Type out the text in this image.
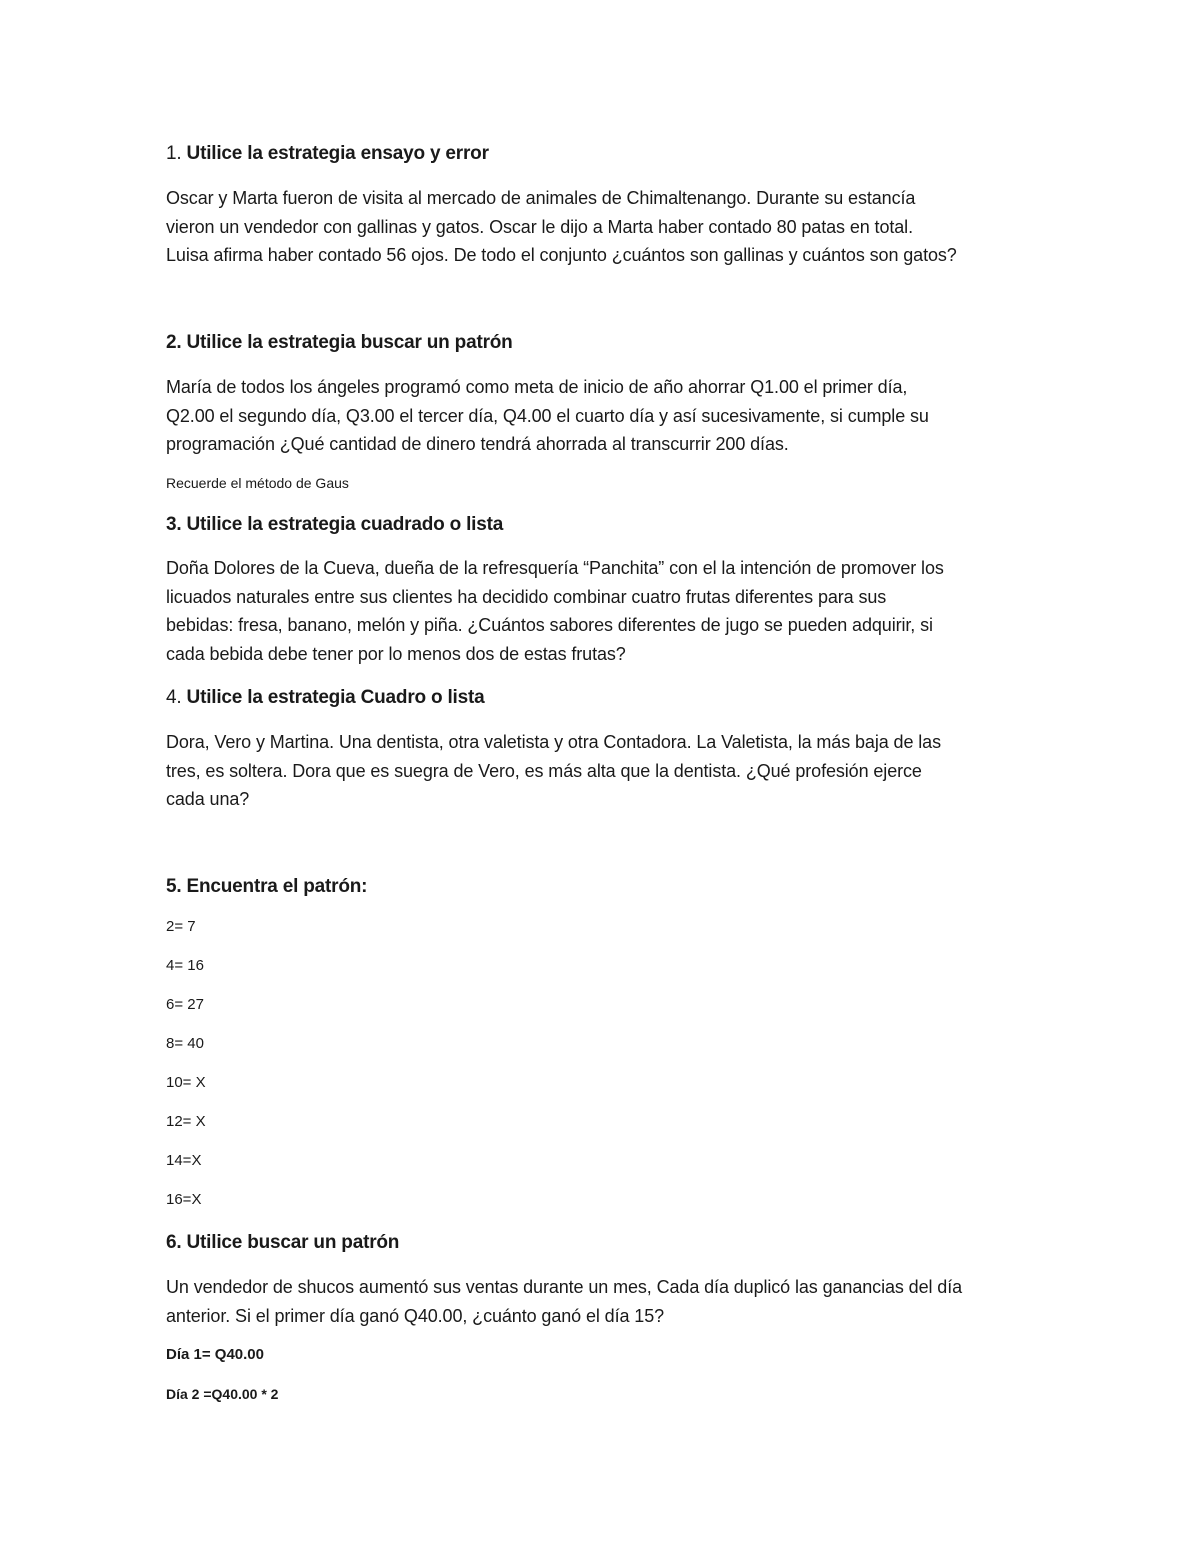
1. Utilice la estrategia ensayo y error

Oscar y Marta fueron de visita al mercado de animales de Chimaltenango. Durante su estancía
vieron un vendedor con gallinas y gatos. Oscar le dijo a Marta haber contado 80 patas en total.
Luisa afirma haber contado 56 ojos. De todo el conjunto ¿cuántos son gallinas y cuántos son gatos?

2. Utilice la estrategia buscar un patrón

María de todos los ángeles programó como meta de inicio de año ahorrar Q1.00 el primer día,
Q2.00 el segundo día, Q3.00 el tercer día, Q4.00 el cuarto día y así sucesivamente, si cumple su
programación ¿Qué cantidad de dinero tendrá ahorrada al transcurrir 200 días.

Recuerde el método de Gaus

3. Utilice la estrategia cuadrado o lista

Doña Dolores de la Cueva, dueña de la refresquería “Panchita” con el la intención de promover los
licuados naturales entre sus clientes ha decidido combinar cuatro frutas diferentes para sus
bebidas: fresa, banano, melón y piña. ¿Cuántos sabores diferentes de jugo se pueden adquirir, si
cada bebida debe tener por lo menos dos de estas frutas?

4. Utilice la estrategia Cuadro o lista

Dora, Vero y Martina. Una dentista, otra valetista y otra Contadora. La Valetista, la más baja de las
tres, es soltera. Dora que es suegra de Vero, es más alta que la dentista. ¿Qué profesión ejerce
cada una?

5. Encuentra el patrón:

2= 7

4= 16

6= 27

8= 40

10= X

12= X

14=X

16=X

6. Utilice buscar un patrón

Un vendedor de shucos aumentó sus ventas durante un mes, Cada día duplicó las ganancias del día
anterior. Si el primer día ganó Q40.00, ¿cuánto ganó el día 15?

Día 1= Q40.00

Día 2 =Q40.00 * 2
